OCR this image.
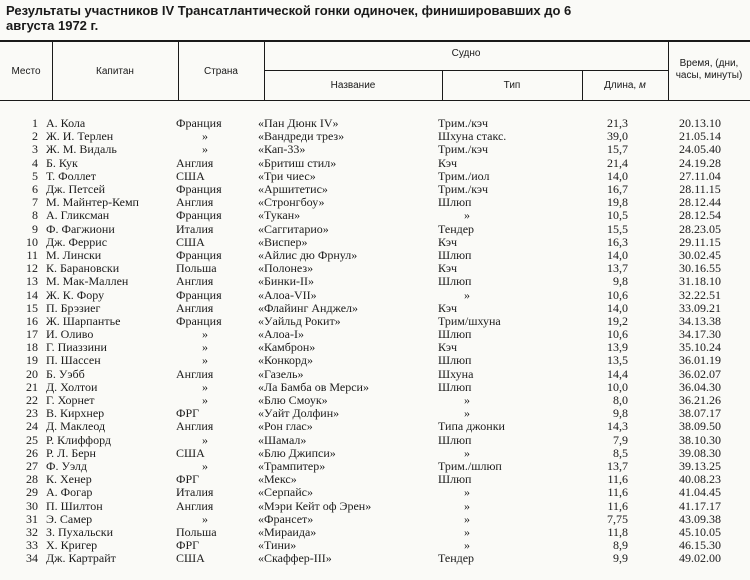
Результаты участников IV Трансатлантической гонки одиночек, финишировавших до 6 августа 1972 г.
Место	Капитан	Страна
Судно
Название	Тип	Длина, м
Время, (дни, часы, минуты)
1	А. Кола	Франция	«Пан Дюнк IV»	Трим./кэч	21,3	20.13.10
2	Ж. И. Терлен	»	«Вандреди трез»	Шхуна стакс.	39,0	21.05.14
3	Ж. М. Видаль	»	«Кап-33»	Трим./кэч	15,7	24.05.40
4	Б. Кук	Англия	«Бритиш стил»	Кэч	21,4	24.19.28
5	Т. Фоллет	США	«Три чиес»	Трим./иол	14,0	27.11.04
6	Дж. Петсей	Франция	«Аршитетис»	Трим./кэч	16,7	28.11.15
7	М. Майнтер-Кемп	Англия	«Стронгбоу»	Шлюп	19,8	28.12.44
8	А. Гликсман	Франция	«Тукан»	»	10,5	28.12.54
9	Ф. Фагжиони	Италия	«Саггитарио»	Тендер	15,5	28.23.05
10	Дж. Феррис	США	«Виспер»	Кэч	16,3	29.11.15
11	М. Лински	Франция	«Айлис дю Фрнул»	Шлюп	14,0	30.02.45
12	К. Барановски	Польша	«Полонез»	Кэч	13,7	30.16.55
13	М. Мак-Маллен	Англия	«Бинки-II»	Шлюп	9,8	31.18.10
14	Ж. К. Фору	Франция	«Алоа-VII»	»	10,6	32.22.51
15	П. Брэзиег	Англия	«Флайинг Анджел»	Кэч	14,0	33.09.21
16	Ж. Шарпантье	Франция	«Уайльд Рокит»	Трим/шхуна	19,2	34.13.38
17	И. Оливо	»	«Алоа-I»	Шлюп	10,6	34.17.30
18	Г. Пиаззини	»	«Камброн»	Кэч	13,9	35.10.24
19	П. Шассен	»	«Конкорд»	Шлюп	13,5	36.01.19
20	Б. Уэбб	Англия	«Газель»	Шхуна	14,4	36.02.07
21	Д. Холтои	»	«Ла Бамба ов Мерси»	Шлюп	10,0	36.04.30
22	Г. Хорнет	»	«Блю Смоук»	»	8,0	36.21.26
23	В. Кирхнер	ФРГ	«Уайт Долфин»	»	9,8	38.07.17
24	Д. Маклеод	Англия	«Рон глас»	Типа джонки	14,3	38.09.50
25	Р. Клиффорд	»	«Шамал»	Шлюп	7,9	38.10.30
26	Р. Л. Берн	США	«Блю Джипси»	»	8,5	39.08.30
27	Ф. Уэлд	»	«Трампитер»	Трим./шлюп	13,7	39.13.25
28	К. Хенер	ФРГ	«Мекс»	Шлюп	11,6	40.08.23
29	А. Фогар	Италия	«Серпайс»	»	11,6	41.04.45
30	П. Шилтон	Англия	«Мэри Кейт оф Эрен»	»	11,6	41.17.17
31	Э. Самер	»	«Франсет»	»	7,75	43.09.38
32	З. Пухальски	Польша	«Мираида»	»	11,8	45.10.05
33	Х. Кригер	ФРГ	«Тини»	»	8,9	46.15.30
34	Дж. Картрайт	США	«Скаффер-III»	Тендер	9,9	49.02.00
